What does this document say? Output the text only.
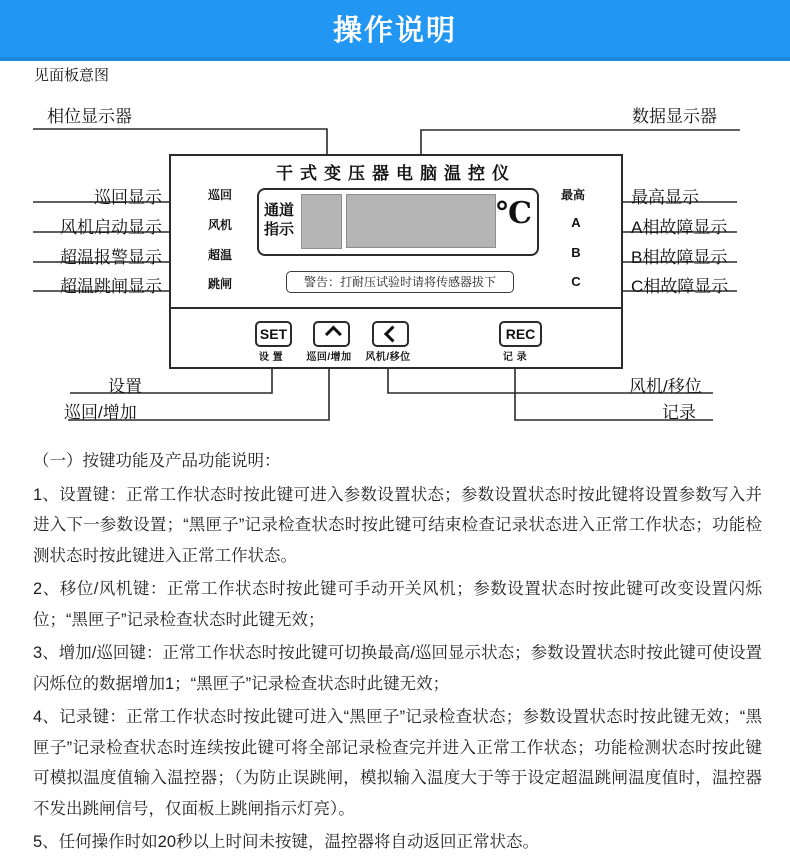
操作说明
见面板意图
相位显示器	数据显示器
巡回显示
风机启动显示
超温报警显示
超温跳闸显示
最高显示
A相故障显示
B相故障显示
C相故障显示
干式变压器电脑温控仪
巡回
风机
超温
跳闸
最高
A
B
C
通道指示	℃
警告：打耐压试验时请将传感器拔下
SET	REC
设 置	巡回/增加	风机/移位	记 录
设置
巡回/增加
风机/移位
记录

（一）按键功能及产品功能说明：

1、设置键：正常工作状态时按此键可进入参数设置状态；参数设置状态时按此键将设置参数写入并进入下一参数设置；“黑匣子”记录检查状态时按此键可结束检查记录状态进入正常工作状态；功能检测状态时按此键进入正常工作状态。

2、移位/风机键：正常工作状态时按此键可手动开关风机；参数设置状态时按此键可改变设置闪烁位；“黑匣子”记录检查状态时此键无效；

3、增加/巡回键：正常工作状态时按此键可切换最高/巡回显示状态；参数设置状态时按此键可使设置闪烁位的数据增加1；“黑匣子”记录检查状态时此键无效；

4、记录键：正常工作状态时按此键可进入“黑匣子”记录检查状态；参数设置状态时按此键无效；“黑匣子”记录检查状态时连续按此键可将全部记录检查完并进入正常工作状态；功能检测状态时按此键可模拟温度值输入温控器；（为防止误跳闸，模拟输入温度大于等于设定超温跳闸温度值时，温控器不发出跳闸信号，仅面板上跳闸指示灯亮）。

5、任何操作时如20秒以上时间未按键，温控器将自动返回正常状态。
